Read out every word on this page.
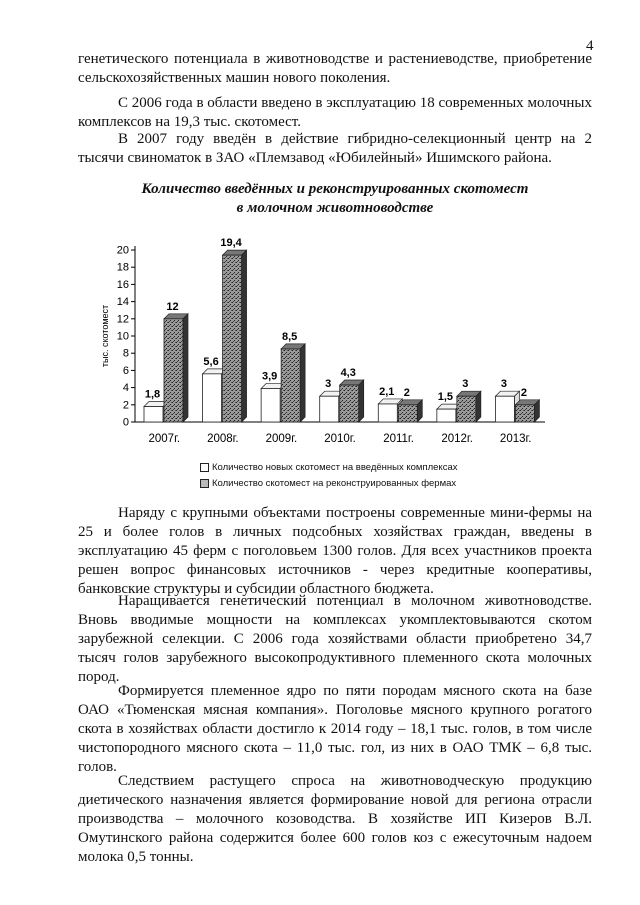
4

генетического потенциала в животноводстве и растениеводстве, приобретение сельскохозяйственных машин нового поколения.

С 2006 года в области введено в эксплуатацию 18 современных молочных комплексов на 19,3 тыс. скотомест.

В 2007 году введён в действие гибридно-селекционный центр на 2 тысячи свиноматок в ЗАО «Племзавод «Юбилейный» Ишимского района.

Количество введённых и реконструированных скотомест
в молочном животноводстве
тыс. скотомест
0
2
4
6
8
10
12
14
16
18
20
2007г.
1,8
12
2008г.
5,6
19,4
2009г.
3,9
8,5
2010г.
3
4,3
2011г.
2,1 2
2012г.
1,5
3
2013г.
3
2
Количество новых скотомест на введённых комплексах
Количество скотомест на реконструированных фермах

Наряду с крупными объектами построены современные мини-фермы на 25 и более голов в личных подсобных хозяйствах граждан, введены в эксплуатацию 45 ферм с поголовьем 1300 голов. Для всех участников проекта решен вопрос финансовых источников - через кредитные кооперативы, банковские структуры и субсидии областного бюджета.

Наращивается генетический потенциал в молочном животноводстве. Вновь вводимые мощности на комплексах укомплектовываются скотом зарубежной селекции. С 2006 года хозяйствами области приобретено 34,7 тысяч голов зарубежного высокопродуктивного племенного скота молочных пород.

Формируется племенное ядро по пяти породам мясного скота на базе ОАО «Тюменская мясная компания». Поголовье мясного крупного рогатого скота в хозяйствах области достигло к 2014 году – 18,1 тыс. голов, в том числе чистопородного мясного скота – 11,0 тыс. гол, из них в ОАО ТМК – 6,8 тыс. голов.

Следствием растущего спроса на животноводческую продукцию диетического назначения является формирование новой для региона отрасли производства – молочного козоводства. В хозяйстве ИП Кизеров В.Л. Омутинского района содержится более 600 голов коз с ежесуточным надоем молока 0,5 тонны.
